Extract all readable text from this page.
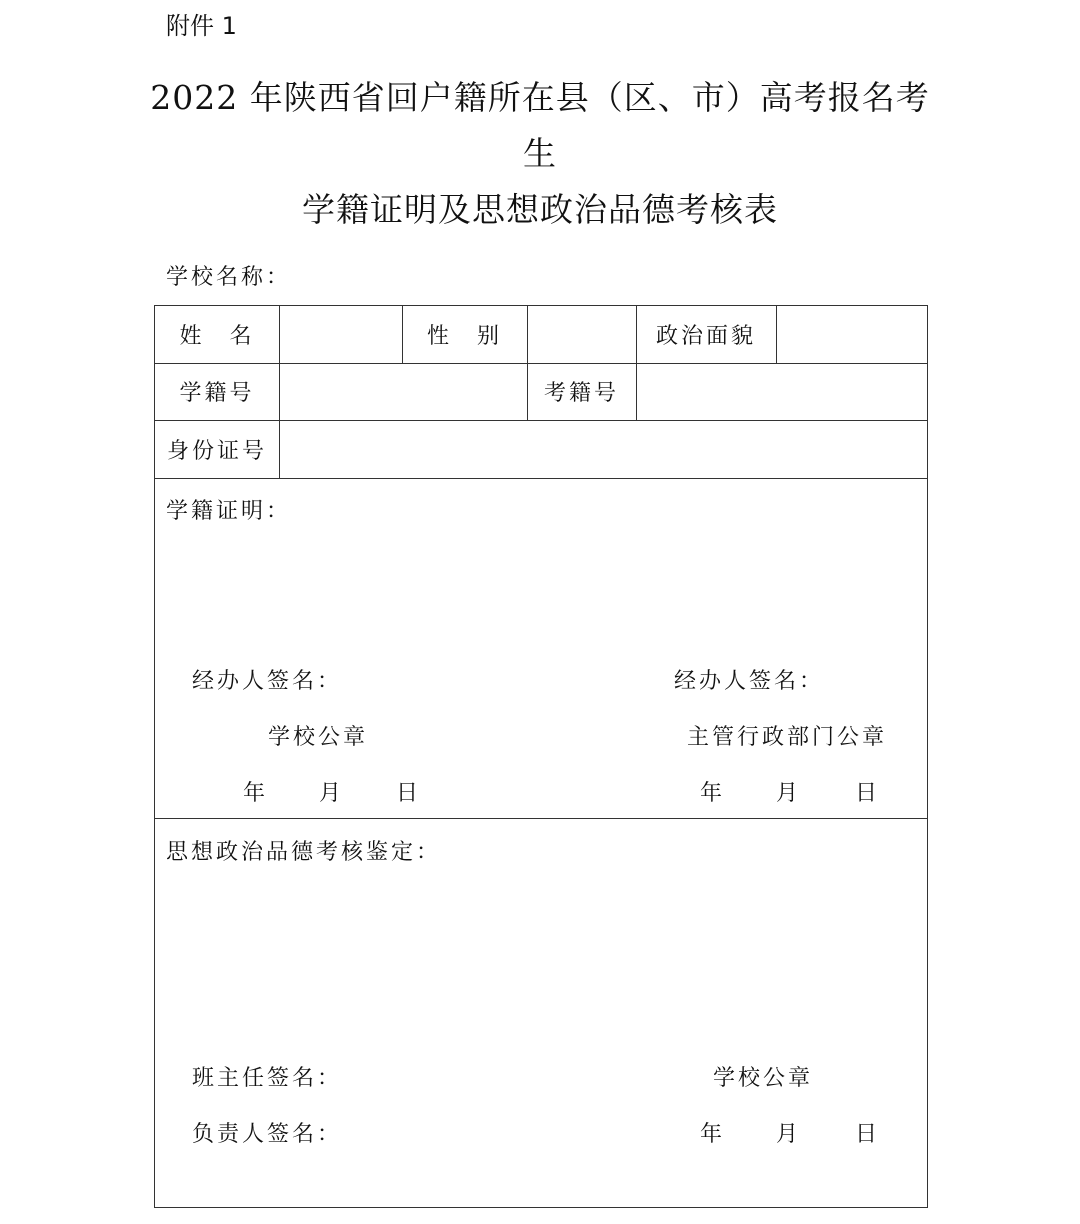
附件 1
2022 年陕西省回户籍所在县（区、市）高考报名考
生
学籍证明及思想政治品德考核表
学校名称：
姓　名	性　别	政治面貌
学籍号	考籍号
身份证号
学籍证明：
经办人签名：	经办人签名：
学校公章	主管行政部门公章
年 月 日	年 月 日
思想政治品德考核鉴定：
班主任签名：	学校公章
负责人签名：	年 月 日
